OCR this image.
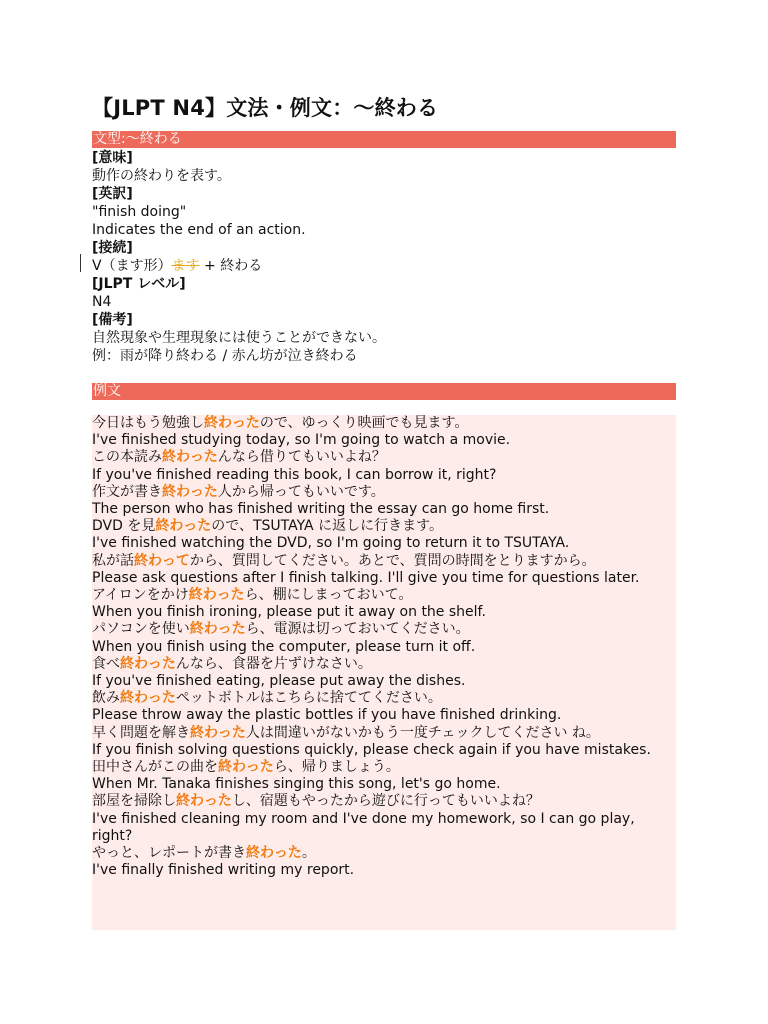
【JLPT N4】文法・例文：〜終わる
文型:〜終わる
[意味]
動作の終わりを表す。
[英訳]
"finish doing"
Indicates the end of an action.
[接続]
V（ます形）ます + 終わる
[JLPT レベル]
N4
[備考]
自然現象や生理現象には使うことができない。
例：雨が降り終わる / 赤ん坊が泣き終わる
例文
今日はもう勉強し終わったので、ゆっくり映画でも見ます。
I've finished studying today, so I'm going to watch a movie.
この本読み終わったんなら借りてもいいよね？
If you've finished reading this book, I can borrow it, right?
作文が書き終わった人から帰ってもいいです。
The person who has finished writing the essay can go home first.
DVD を見終わったので、TSUTAYA に返しに行きます。
I've finished watching the DVD, so I'm going to return it to TSUTAYA.
私が話終わってから、質問してください。あとで、質問の時間をとりますから。
Please ask questions after I finish talking. I'll give you time for questions later.
アイロンをかけ終わったら、棚にしまっておいて。
When you finish ironing, please put it away on the shelf.
パソコンを使い終わったら、電源は切っておいてください。
When you finish using the computer, please turn it off.
食べ終わったんなら、食器を片ずけなさい。
If you've finished eating, please put away the dishes.
飲み終わったペットボトルはこちらに捨ててください。
Please throw away the plastic bottles if you have finished drinking.
早く問題を解き終わった人は間違いがないかもう一度チェックしてください ね。
If you finish solving questions quickly, please check again if you have mistakes.
田中さんがこの曲を終わったら、帰りましょう。
When Mr. Tanaka finishes singing this song, let's go home.
部屋を掃除し終わったし、宿題もやったから遊びに行ってもいいよね？
I've finished cleaning my room and I've done my homework, so I can go play, right?
やっと、レポートが書き終わった。
I've finally finished writing my report.
